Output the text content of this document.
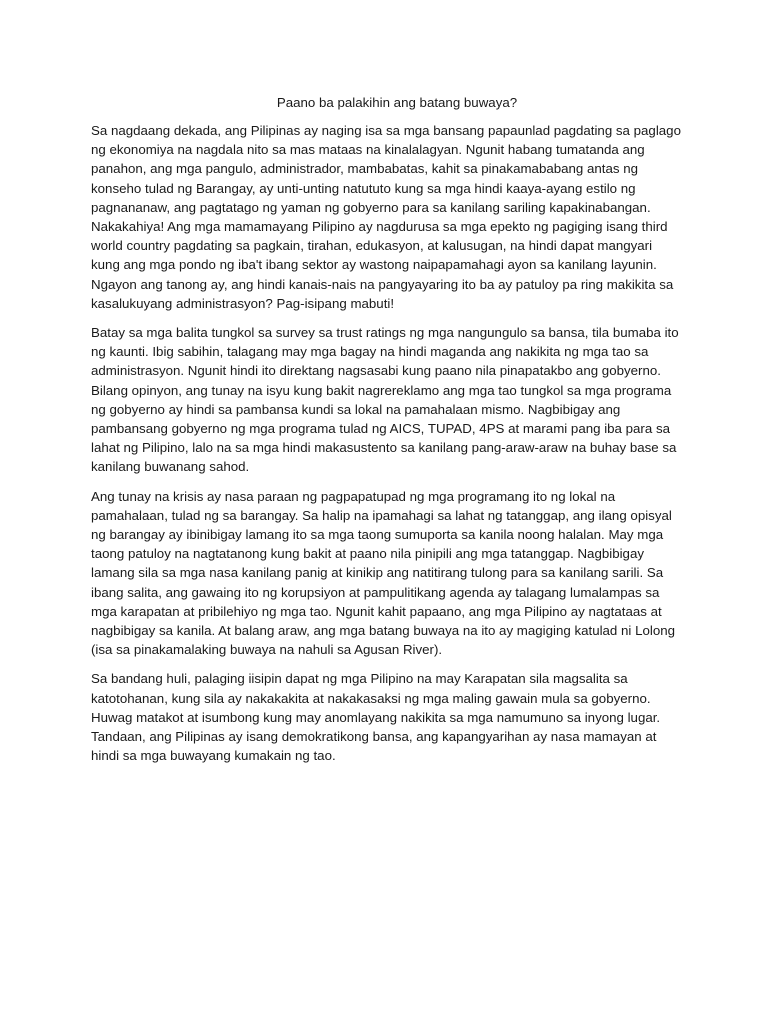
Paano ba palakihin ang batang buwaya?

Sa nagdaang dekada, ang Pilipinas ay naging isa sa mga bansang papaunlad pagdating sa paglago ng ekonomiya na nagdala nito sa mas mataas na kinalalagyan. Ngunit habang tumatanda ang panahon, ang mga pangulo, administrador, mambabatas, kahit sa pinakamababang antas ng konseho tulad ng Barangay, ay unti-unting natututo kung sa mga hindi kaaya-ayang estilo ng pagnananaw, ang pagtatago ng yaman ng gobyerno para sa kanilang sariling kapakinabangan. Nakakahiya! Ang mga mamamayang Pilipino ay nagdurusa sa mga epekto ng pagiging isang third world country pagdating sa pagkain, tirahan, edukasyon, at kalusugan, na hindi dapat mangyari kung ang mga pondo ng iba't ibang sektor ay wastong naipapamahagi ayon sa kanilang layunin. Ngayon ang tanong ay, ang hindi kanais-nais na pangyayaring ito ba ay patuloy pa ring makikita sa kasalukuyang administrasyon? Pag-isipang mabuti!

Batay sa mga balita tungkol sa survey sa trust ratings ng mga nangungulo sa bansa, tila bumaba ito ng kaunti. Ibig sabihin, talagang may mga bagay na hindi maganda ang nakikita ng mga tao sa administrasyon. Ngunit hindi ito direktang nagsasabi kung paano nila pinapatakbo ang gobyerno. Bilang opinyon, ang tunay na isyu kung bakit nagrereklamo ang mga tao tungkol sa mga programa ng gobyerno ay hindi sa pambansa kundi sa lokal na pamahalaan mismo. Nagbibigay ang pambansang gobyerno ng mga programa tulad ng AICS, TUPAD, 4PS at marami pang iba para sa lahat ng Pilipino, lalo na sa mga hindi makasustento sa kanilang pang-araw-araw na buhay base sa kanilang buwanang sahod.

Ang tunay na krisis ay nasa paraan ng pagpapatupad ng mga programang ito ng lokal na pamahalaan, tulad ng sa barangay. Sa halip na ipamahagi sa lahat ng tatanggap, ang ilang opisyal ng barangay ay ibinibigay lamang ito sa mga taong sumuporta sa kanila noong halalan. May mga taong patuloy na nagtatanong kung bakit at paano nila pinipili ang mga tatanggap. Nagbibigay lamang sila sa mga nasa kanilang panig at kinikip ang natitirang tulong para sa kanilang sarili. Sa ibang salita, ang gawaing ito ng korupsiyon at pampulitikang agenda ay talagang lumalampas sa mga karapatan at pribilehiyo ng mga tao. Ngunit kahit papaano, ang mga Pilipino ay nagtataas at nagbibigay sa kanila. At balang araw, ang mga batang buwaya na ito ay magiging katulad ni Lolong (isa sa pinakamalaking buwaya na nahuli sa Agusan River).

Sa bandang huli, palaging iisipin dapat ng mga Pilipino na may Karapatan sila magsalita sa katotohanan, kung sila ay nakakakita at nakakasaksi ng mga maling gawain mula sa gobyerno. Huwag matakot at isumbong kung may anomlayang nakikita sa mga namumuno sa inyong lugar. Tandaan, ang Pilipinas ay isang demokratikong bansa, ang kapangyarihan ay nasa mamayan at hindi sa mga buwayang kumakain ng tao.
